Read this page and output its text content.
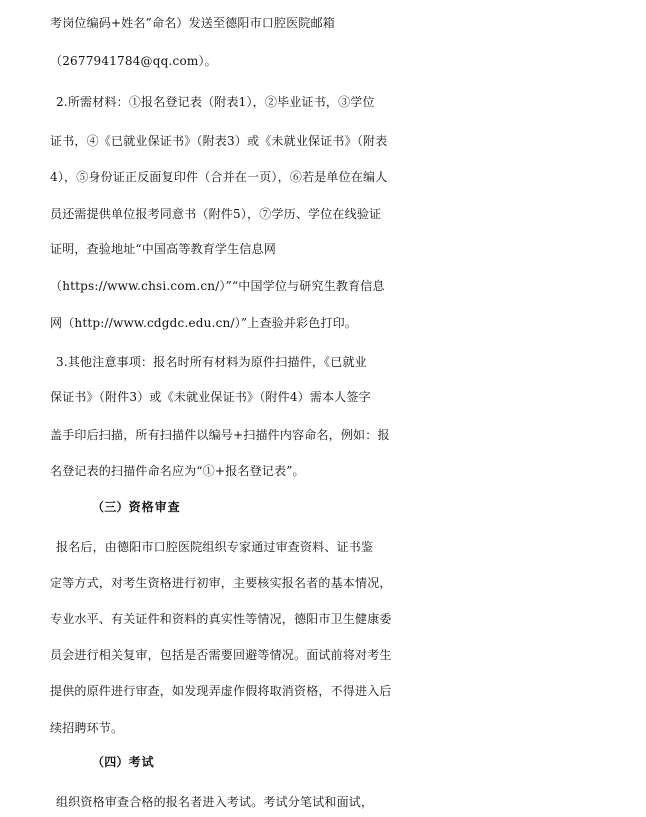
考岗位编码+姓名”命名）发送至德阳市口腔医院邮箱
（2677941784@qq.com）。
2.所需材料：①报名登记表（附表1），②毕业证书，③学位
证书，④《已就业保证书》（附表3）或《未就业保证书》（附表
4），⑤身份证正反面复印件（合并在一页），⑥若是单位在编人
员还需提供单位报考同意书（附件5），⑦学历、学位在线验证
证明，查验地址“中国高等教育学生信息网
（https://www.chsi.com.cn/）”“中国学位与研究生教育信息
网（http://www.cdgdc.edu.cn/）”上查验并彩色打印。
3.其他注意事项：报名时所有材料为原件扫描件，《已就业
保证书》（附件3）或《未就业保证书》（附件4）需本人签字
盖手印后扫描，所有扫描件以编号+扫描件内容命名，例如：报
名登记表的扫描件命名应为“①+报名登记表”。
（三）资格审查
报名后，由德阳市口腔医院组织专家通过审查资料、证书鉴
定等方式，对考生资格进行初审，主要核实报名者的基本情况，
专业水平、有关证件和资料的真实性等情况，德阳市卫生健康委
员会进行相关复审，包括是否需要回避等情况。面试前将对考生
提供的原件进行审查，如发现弄虚作假将取消资格，不得进入后
续招聘环节。
（四）考试
组织资格审查合格的报名者进入考试。考试分笔试和面试，
